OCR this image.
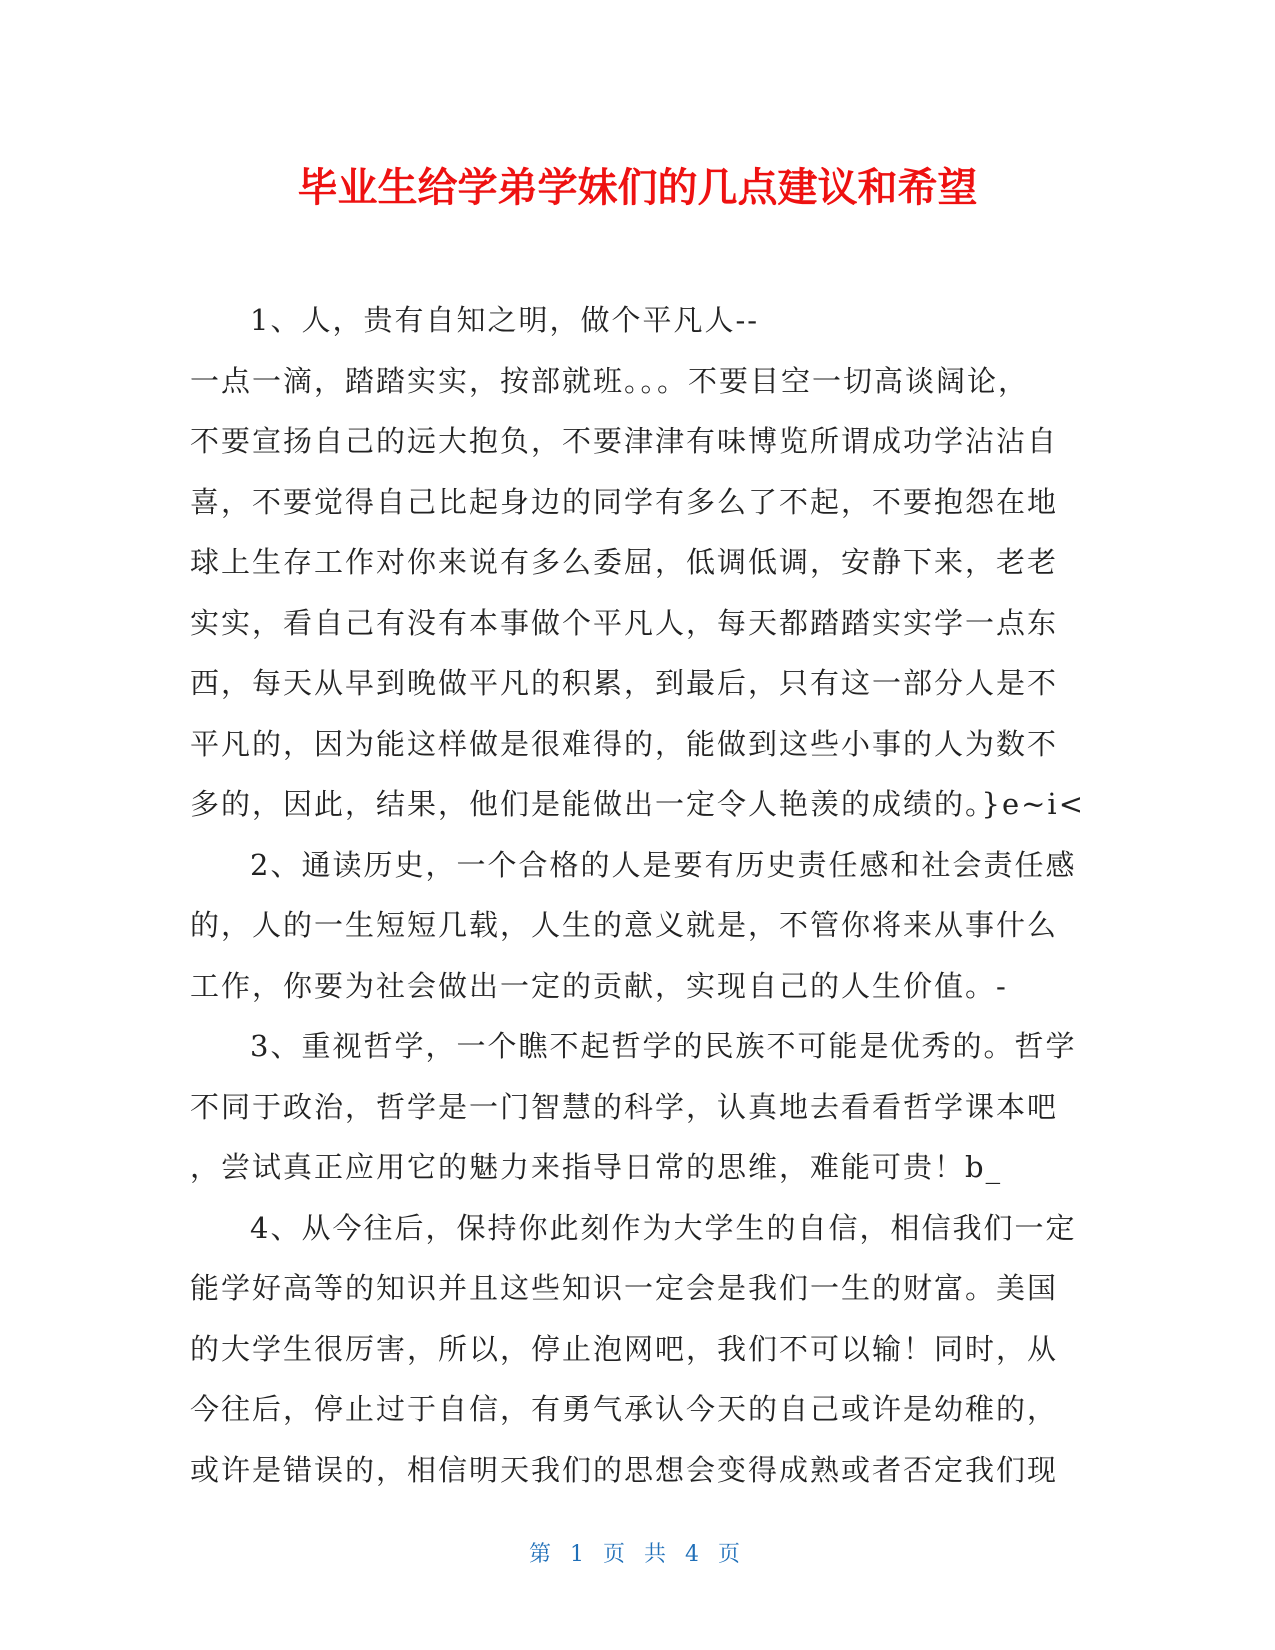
毕业生给学弟学妹们的几点建议和希望

1、人，贵有自知之明，做个平凡人--

一点一滴，踏踏实实，按部就班。。。不要目空一切高谈阔论，

不要宣扬自己的远大抱负，不要津津有味博览所谓成功学沾沾自

喜，不要觉得自己比起身边的同学有多么了不起，不要抱怨在地

球上生存工作对你来说有多么委屈，低调低调，安静下来，老老

实实，看自己有没有本事做个平凡人，每天都踏踏实实学一点东

西，每天从早到晚做平凡的积累，到最后，只有这一部分人是不

平凡的，因为能这样做是很难得的，能做到这些小事的人为数不

多的，因此，结果，他们是能做出一定令人艳羡的成绩的。}e~i<

2、通读历史，一个合格的人是要有历史责任感和社会责任感

的，人的一生短短几载，人生的意义就是，不管你将来从事什么

工作，你要为社会做出一定的贡献，实现自己的人生价值。-

3、重视哲学，一个瞧不起哲学的民族不可能是优秀的。哲学

不同于政治，哲学是一门智慧的科学，认真地去看看哲学课本吧

，尝试真正应用它的魅力来指导日常的思维，难能可贵！b_

4、从今往后，保持你此刻作为大学生的自信，相信我们一定

能学好高等的知识并且这些知识一定会是我们一生的财富。美国

的大学生很厉害，所以，停止泡网吧，我们不可以输！同时，从

今往后，停止过于自信，有勇气承认今天的自己或许是幼稚的，

或许是错误的，相信明天我们的思想会变得成熟或者否定我们现

第 1 页 共 4 页
